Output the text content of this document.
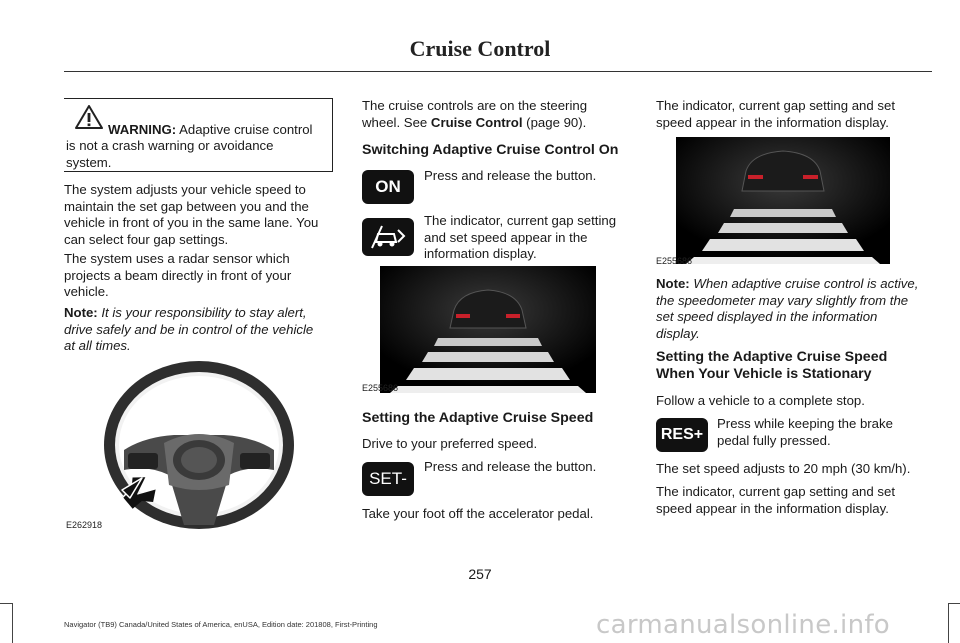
Cruise Control

WARNING: Adaptive cruise control

is not a crash warning or avoidance

system.

The system adjusts your vehicle speed to

maintain the set gap between you and the

vehicle in front of you in the same lane. You

can select four gap settings.

The system uses a radar sensor which

projects a beam directly in front of your

vehicle.

Note: It is your responsibility to stay alert,

drive safely and be in control of the vehicle

at all times.

E262918

The cruise controls are on the steering

wheel. See Cruise Control (page 90).

Switching Adaptive Cruise Control On
ON
Press and release the button.

The indicator, current gap setting

and set speed appear in the

information display.

E255686
Setting the Adaptive Cruise Speed
Drive to your preferred speed.
SET-
Press and release the button.
Take your foot off the accelerator pedal.

The indicator, current gap setting and set

speed appear in the information display.

E255686

Note: When adaptive cruise control is active,

the speedometer may vary slightly from the

set speed displayed in the information

display.

Setting the Adaptive Cruise Speed

When Your Vehicle is Stationary

Follow a vehicle to a complete stop.
RES+

Press while keeping the brake

pedal fully pressed.

The set speed adjusts to 20 mph (30 km/h).

The indicator, current gap setting and set

speed appear in the information display.

257
Navigator (TB9) Canada/United States of America, enUSA, Edition date: 201808, First-Printing	carmanualsonline.info
